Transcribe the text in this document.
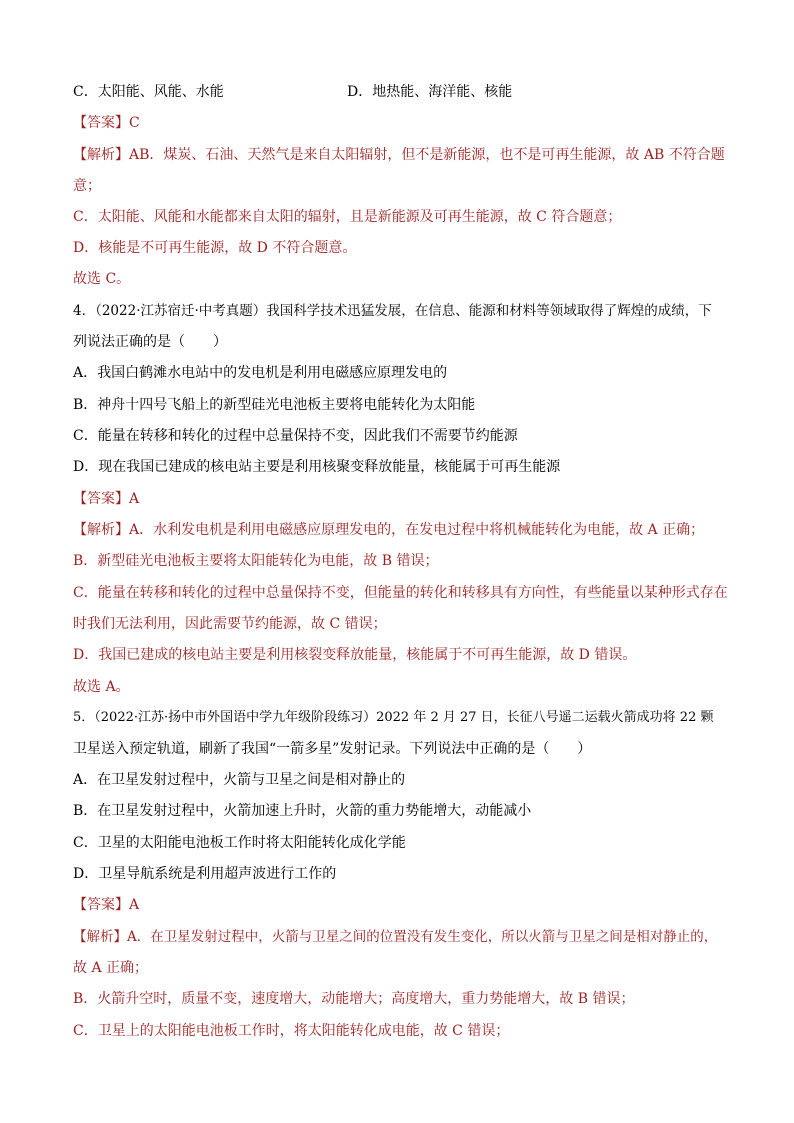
C．太阳能、风能、水能	D．地热能、海洋能、核能
【答案】C
【解析】AB．煤炭、石油、天然气是来自太阳辐射，但不是新能源，也不是可再生能源，故 AB 不符合题
意；
C．太阳能、风能和水能都来自太阳的辐射，且是新能源及可再生能源，故 C 符合题意；
D．核能是不可再生能源，故 D 不符合题意。
故选 C。
4．（2022·江苏宿迁·中考真题）我国科学技术迅猛发展，在信息、能源和材料等领域取得了辉煌的成绩，下
列说法正确的是（　　）
A．我国白鹤滩水电站中的发电机是利用电磁感应原理发电的
B．神舟十四号飞船上的新型硅光电池板主要将电能转化为太阳能
C．能量在转移和转化的过程中总量保持不变，因此我们不需要节约能源
D．现在我国已建成的核电站主要是利用核聚变释放能量，核能属于可再生能源
【答案】A
【解析】A．水利发电机是利用电磁感应原理发电的，在发电过程中将机械能转化为电能，故 A 正确；
B．新型硅光电池板主要将太阳能转化为电能，故 B 错误；
C．能量在转移和转化的过程中总量保持不变，但能量的转化和转移具有方向性，有些能量以某种形式存在
时我们无法利用，因此需要节约能源，故 C 错误；
D．我国已建成的核电站主要是利用核裂变释放能量，核能属于不可再生能源，故 D 错误。
故选 A。
5．（2022·江苏·扬中市外国语中学九年级阶段练习）2022 年 2 月 27 日，长征八号遥二运载火箭成功将 22 颗
卫星送入预定轨道，刷新了我国“一箭多星”发射记录。下列说法中正确的是（　　）
A．在卫星发射过程中，火箭与卫星之间是相对静止的
B．在卫星发射过程中，火箭加速上升时，火箭的重力势能增大，动能减小
C．卫星的太阳能电池板工作时将太阳能转化成化学能
D．卫星导航系统是利用超声波进行工作的
【答案】A
【解析】A．在卫星发射过程中，火箭与卫星之间的位置没有发生变化，所以火箭与卫星之间是相对静止的，
故 A 正确；
B．火箭升空时，质量不变，速度增大，动能增大；高度增大，重力势能增大，故 B 错误；
C．卫星上的太阳能电池板工作时，将太阳能转化成电能，故 C 错误；
